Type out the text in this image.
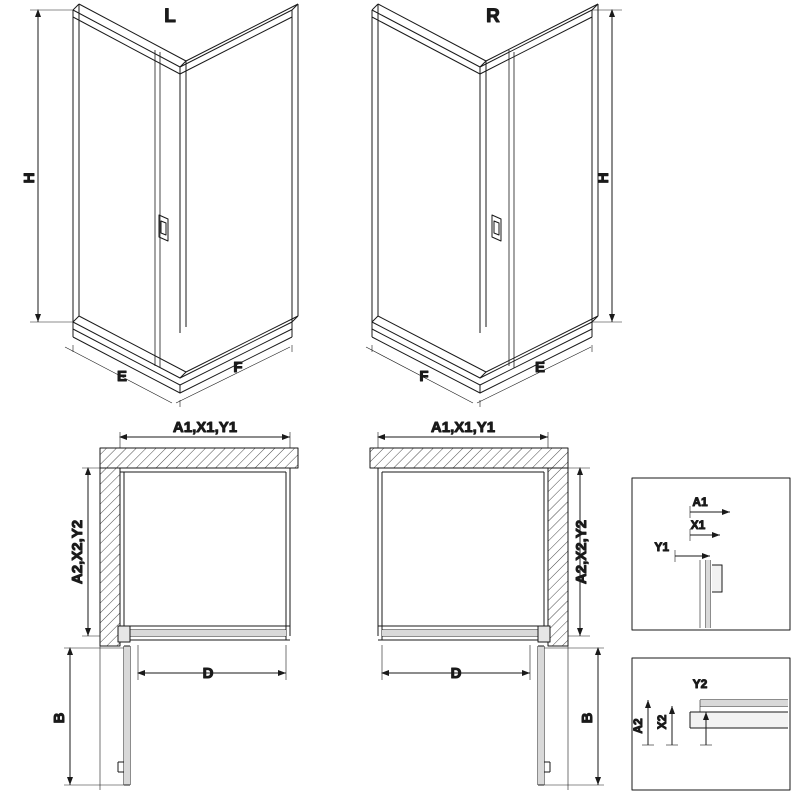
L
H
E
F
R
H
F
E
A1,X1,Y1
A2,X2,Y2
D
B
A1,X1,Y1
A2,X2,Y2
D
B
A1
X1
Y1
A2 X2
Y2
